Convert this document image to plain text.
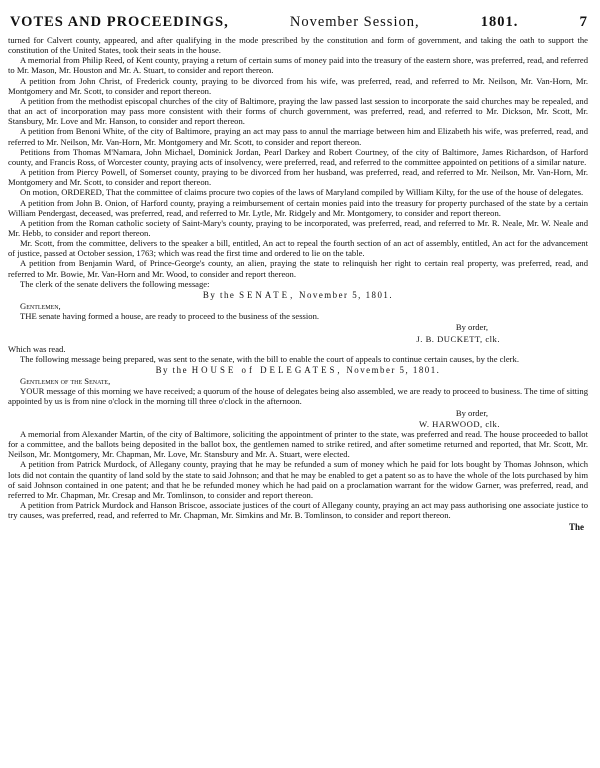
VOTES AND PROCEEDINGS,	November Session,	1801.	7

turned for Calvert county, appeared, and after qualifying in the mode prescribed by the constitution and form of government, and taking the oath to support the constitution of the United States, took their seats in the house.

A memorial from Philip Reed, of Kent county, praying a return of certain sums of money paid into the treasury of the eastern shore, was preferred, read, and referred to Mr. Mason, Mr. Houston and Mr. A. Stuart, to consider and report thereon.

A petition from John Christ, of Frederick county, praying to be divorced from his wife, was preferred, read, and referred to Mr. Neilson, Mr. Van-Horn, Mr. Montgomery and Mr. Scott, to consider and report thereon.

A petition from the methodist episcopal churches of the city of Baltimore, praying the law passed last session to incorporate the said churches may be repealed, and that an act of incorporation may pass more consistent with their forms of church government, was preferred, read, and referred to Mr. Dickson, Mr. Scott, Mr. Stansbury, Mr. Love and Mr. Hanson, to consider and report thereon.

A petition from Benoni White, of the city of Baltimore, praying an act may pass to annul the marriage between him and Elizabeth his wife, was preferred, read, and referred to Mr. Neilson, Mr. Van-Horn, Mr. Montgomery and Mr. Scott, to consider and report thereon.

Petitions from Thomas M'Namara, John Michael, Dominick Jordan, Pearl Darkey and Robert Courtney, of the city of Baltimore, James Richardson, of Harford county, and Francis Ross, of Worcester county, praying acts of insolvency, were preferred, read, and referred to the committee appointed on petitions of a similar nature.

A petition from Piercy Powell, of Somerset county, praying to be divorced from her husband, was preferred, read, and referred to Mr. Neilson, Mr. Van-Horn, Mr. Montgomery and Mr. Scott, to consider and report thereon.

On motion, ORDERED, That the committee of claims procure two copies of the laws of Maryland compiled by William Kilty, for the use of the house of delegates.

A petition from John B. Onion, of Harford county, praying a reimbursement of certain monies paid into the treasury for property purchased of the state by a certain William Pendergast, deceased, was preferred, read, and referred to Mr. Lytle, Mr. Ridgely and Mr. Montgomery, to consider and report thereon.

A petition from the Roman catholic society of Saint-Mary's county, praying to be incorporated, was preferred, read, and referred to Mr. R. Neale, Mr. W. Neale and Mr. Hebb, to consider and report thereon.

Mr. Scott, from the committee, delivers to the speaker a bill, entitled, An act to repeal the fourth section of an act of assembly, entitled, An act for the advancement of justice, passed at October session, 1763; which was read the first time and ordered to lie on the table.

A petition from Benjamin Ward, of Prince-George's county, an alien, praying the state to relinquish her right to certain real property, was preferred, read, and referred to Mr. Bowie, Mr. Van-Horn and Mr. Wood, to consider and report thereon.

The clerk of the senate delivers the following message:

By the SENATE, November 5, 1801.

Gentlemen,

THE senate having formed a house, are ready to proceed to the business of the session.

By order,
J. B. DUCKETT, clk.

Which was read.

The following message being prepared, was sent to the senate, with the bill to enable the court of appeals to continue certain causes, by the clerk.

By the HOUSE of DELEGATES, November 5, 1801.

Gentlemen of the Senate,

YOUR message of this morning we have received; a quorum of the house of delegates being also assembled, we are ready to proceed to business. The time of sitting appointed by us is from nine o'clock in the morning till three o'clock in the afternoon.

By order,
W. HARWOOD, clk.

A memorial from Alexander Martin, of the city of Baltimore, soliciting the appointment of printer to the state, was preferred and read. The house proceeded to ballot for a committee, and the ballots being deposited in the ballot box, the gentlemen named to strike retired, and after sometime returned and reported, that Mr. Scott, Mr. Neilson, Mr. Montgomery, Mr. Chapman, Mr. Love, Mr. Stansbury and Mr. A. Stuart, were elected.

A petition from Patrick Murdock, of Allegany county, praying that he may be refunded a sum of money which he paid for lots bought by Thomas Johnson, which lots did not contain the quantity of land sold by the state to said Johnson; and that he may be enabled to get a patent so as to have the whole of the lots purchased by him of said Johnson contained in one patent; and that he be refunded money which he had paid on a proclamation warrant for the widow Garner, was preferred, read, and referred to Mr. Chapman, Mr. Cresap and Mr. Tomlinson, to consider and report thereon.

A petition from Patrick Murdock and Hanson Briscoe, associate justices of the court of Allegany county, praying an act may pass authorising one associate justice to try causes, was preferred, read, and referred to Mr. Chapman, Mr. Simkins and Mr. B. Tomlinson, to consider and report thereon.

The
